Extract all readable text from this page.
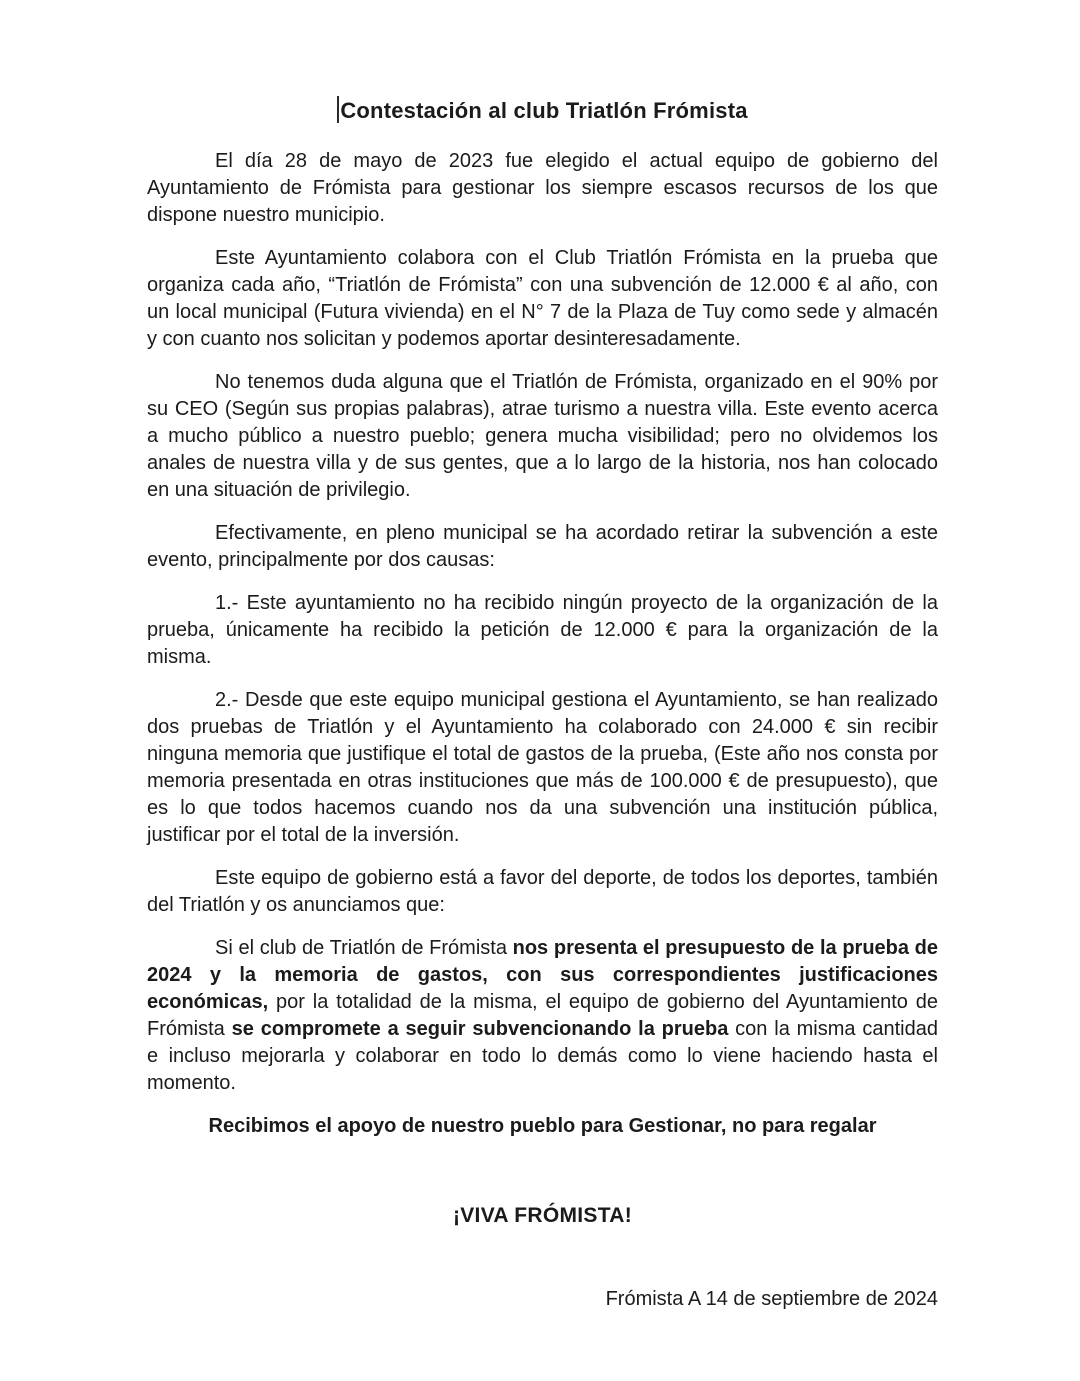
Contestación al club Triatlón Frómista

El día 28 de mayo de 2023 fue elegido el actual equipo de gobierno del Ayuntamiento de Frómista para gestionar los siempre escasos recursos de los que dispone nuestro municipio.

Este Ayuntamiento colabora con el Club Triatlón Frómista en la prueba que organiza cada año, “Triatlón de Frómista” con una subvención de 12.000 € al año, con un local municipal (Futura vivienda) en el N° 7 de la Plaza de Tuy como sede y almacén y con cuanto nos solicitan y podemos aportar desinteresadamente.

No tenemos duda alguna que el Triatlón de Frómista, organizado en el 90% por su CEO (Según sus propias palabras), atrae turismo a nuestra villa. Este evento acerca a mucho público a nuestro pueblo; genera mucha visibilidad; pero no olvidemos los anales de nuestra villa y de sus gentes, que a lo largo de la historia, nos han colocado en una situación de privilegio.

Efectivamente, en pleno municipal se ha acordado retirar la subvención a este evento, principalmente por dos causas:

1.- Este ayuntamiento no ha recibido ningún proyecto de la organización de la prueba, únicamente ha recibido la petición de 12.000 € para la organización de la misma.

2.- Desde que este equipo municipal gestiona el Ayuntamiento, se han realizado dos pruebas de Triatlón y el Ayuntamiento ha colaborado con 24.000 € sin recibir ninguna memoria que justifique el total de gastos de la prueba, (Este año nos consta por memoria presentada en otras instituciones que más de 100.000 € de presupuesto), que es lo que todos hacemos cuando nos da una subvención una institución pública, justificar por el total de la inversión.

Este equipo de gobierno está a favor del deporte, de todos los deportes, también del Triatlón y os anunciamos que:

Si el club de Triatlón de Frómista nos presenta el presupuesto de la prueba de 2024 y la memoria de gastos, con sus correspondientes justificaciones económicas, por la totalidad de la misma, el equipo de gobierno del Ayuntamiento de Frómista se compromete a seguir subvencionando la prueba con la misma cantidad e incluso mejorarla y colaborar en todo lo demás como lo viene haciendo hasta el momento.

Recibimos el apoyo de nuestro pueblo para Gestionar, no para regalar

¡VIVA FRÓMISTA!

Frómista A 14 de septiembre de 2024
